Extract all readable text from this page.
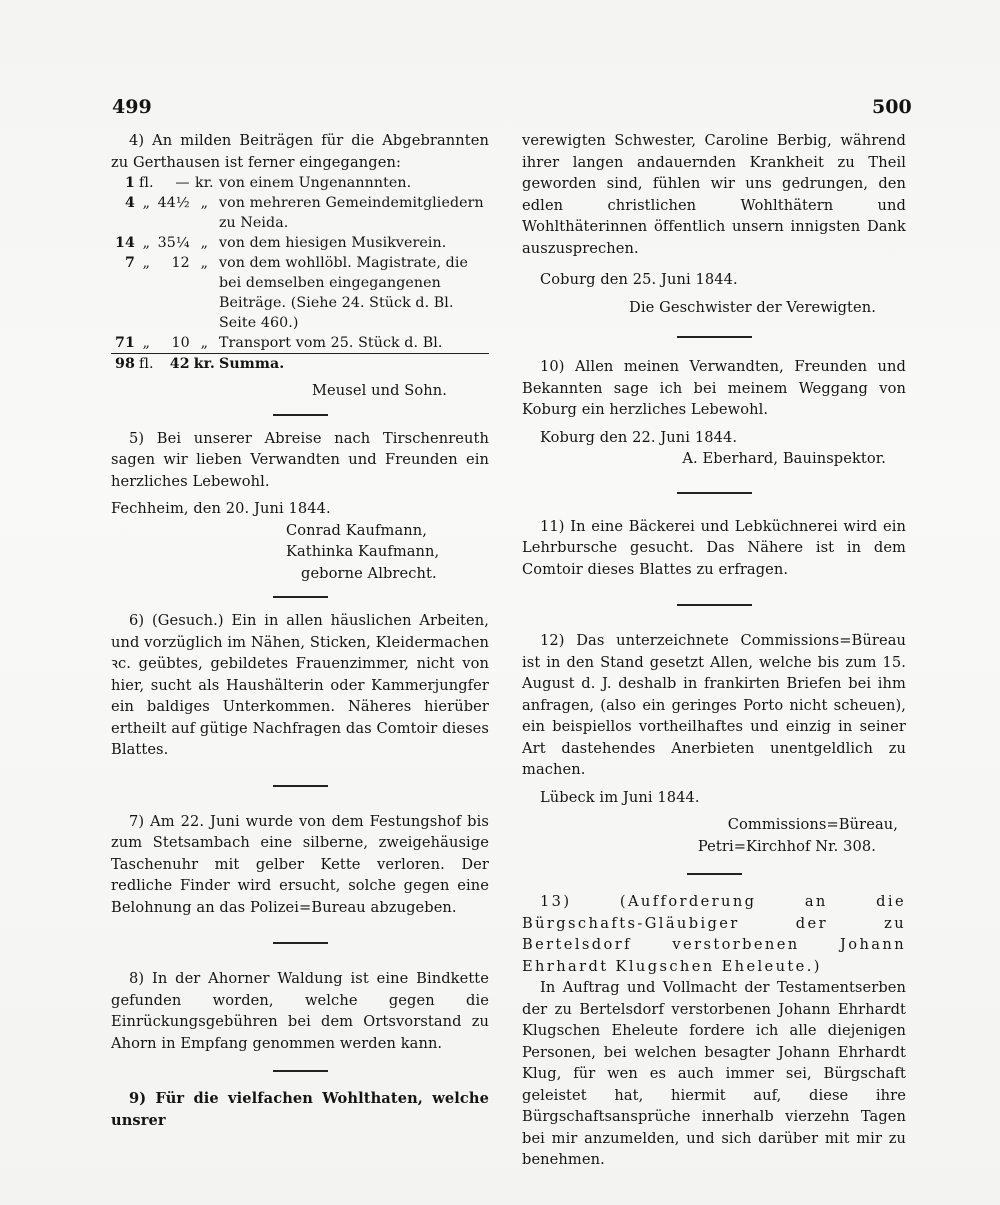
499	500

4) An milden Beiträgen für die Abgebrannten zu Gerthausen ist ferner eingegangen:

1	fl.	—	kr.	von einem Ungenannnten.
4	„	44½	„	von mehreren Gemeindemitgliedern zu Neida.
14	„	35¼	„	von dem hiesigen Musikverein.
7	„	12	„	von dem wohllöbl. Magistrate, die bei demselben eingegangenen Beiträge. (Siehe 24. Stück d. Bl. Seite 460.)
71	„	10	„	Transport vom 25. Stück d. Bl.
98	fl.	42	kr.	Summa.

Meusel und Sohn.

5) Bei unserer Abreise nach Tirschenreuth sagen wir lieben Verwandten und Freunden ein herzliches Lebewohl.

Fechheim, den 20. Juni 1844.

Conrad Kaufmann,

Kathinka Kaufmann,

geborne Albrecht.

6) (Gesuch.) Ein in allen häuslichen Arbeiten, und vorzüglich im Nähen, Sticken, Kleidermachen ꝛc. geübtes, gebildetes Frauenzimmer, nicht von hier, sucht als Haushälterin oder Kammerjungfer ein baldiges Unterkommen. Näheres hierüber ertheilt auf gütige Nachfragen das Comtoir dieses Blattes.

7) Am 22. Juni wurde von dem Festungshof bis zum Stetsambach eine silberne, zweigehäusige Taschenuhr mit gelber Kette verloren. Der redliche Finder wird ersucht, solche gegen eine Belohnung an das Polizei=Bureau abzugeben.

8) In der Ahorner Waldung ist eine Bindkette gefunden worden, welche gegen die Einrückungsgebühren bei dem Ortsvorstand zu Ahorn in Empfang genommen werden kann.

9) Für die vielfachen Wohlthaten, welche unsrer

verewigten Schwester, Caroline Berbig, während ihrer langen andauernden Krankheit zu Theil geworden sind, fühlen wir uns gedrungen, den edlen christlichen Wohlthätern und Wohlthäterinnen öffentlich unsern innigsten Dank auszusprechen.

Coburg den 25. Juni 1844.

Die Geschwister der Verewigten.

10) Allen meinen Verwandten, Freunden und Bekannten sage ich bei meinem Weggang von Koburg ein herzliches Lebewohl.

Koburg den 22. Juni 1844.

A. Eberhard, Bauinspektor.

11) In eine Bäckerei und Lebküchnerei wird ein Lehrbursche gesucht. Das Nähere ist in dem Comtoir dieses Blattes zu erfragen.

12) Das unterzeichnete Commissions=Büreau ist in den Stand gesetzt Allen, welche bis zum 15. August d. J. deshalb in frankirten Briefen bei ihm anfragen, (also ein geringes Porto nicht scheuen), ein beispiellos vortheilhaftes und einzig in seiner Art dastehendes Anerbieten unentgeldlich zu machen.

Lübeck im Juni 1844.

Commissions=Büreau,

Petri=Kirchhof Nr. 308.

13) (Aufforderung an die Bürgschafts-Gläubiger der zu Bertelsdorf verstorbenen Johann Ehrhardt Klugschen Eheleute.)

In Auftrag und Vollmacht der Testamentserben der zu Bertelsdorf verstorbenen Johann Ehrhardt Klugschen Eheleute fordere ich alle diejenigen Personen, bei welchen besagter Johann Ehrhardt Klug, für wen es auch immer sei, Bürgschaft geleistet hat, hiermit auf, diese ihre Bürgschaftsansprüche innerhalb vierzehn Tagen bei mir anzumelden, und sich darüber mit mir zu benehmen.
